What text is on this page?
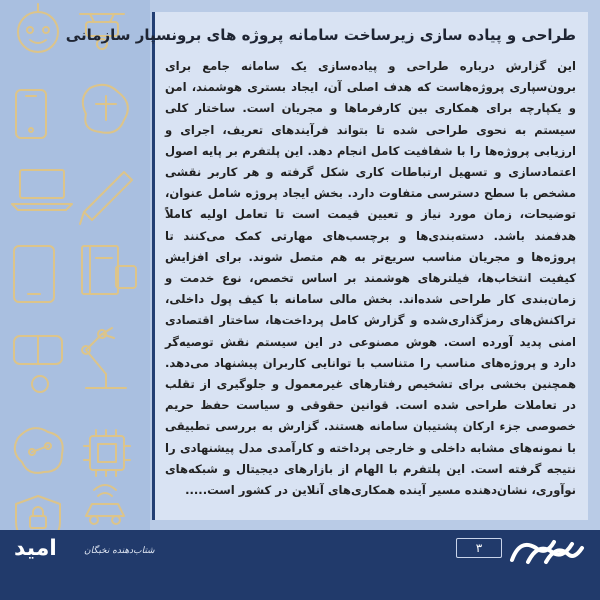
طراحی و پیاده سازی زیرساخت سامانه پروژه های برونسپار سازمانی

این گزارش درباره طراحی و پیاده‌سازی یک سامانه جامع برای برون‌سپاری پروژه‌هاست که هدف اصلی آن، ایجاد بستری هوشمند، امن و یکپارچه برای همکاری بین کارفرماها و مجریان است. ساختار کلی سیستم به نحوی طراحی شده تا بتواند فرآیندهای تعریف، اجرای و ارزیابی پروژه‌ها را با شفافیت کامل انجام دهد. این پلتفرم بر پایه اصول اعتمادسازی و تسهیل ارتباطات کاری شکل گرفته و هر کاربر نقشی مشخص با سطح دسترسی متفاوت دارد. بخش ایجاد پروژه شامل عنوان، توضیحات، زمان مورد نیاز و تعیین قیمت است تا تعامل اولیه کاملاً هدفمند باشد. دسته‌بندی‌ها و برچسب‌های مهارتی کمک می‌کنند تا پروژه‌ها و مجریان مناسب سریع‌تر به هم متصل شوند. برای افزایش کیفیت انتخاب‌ها، فیلترهای هوشمند بر اساس تخصص، نوع خدمت و زمان‌بندی کار طراحی شده‌اند. بخش مالی سامانه با کیف پول داخلی، تراکنش‌های رمزگذاری‌شده و گزارش کامل پرداخت‌ها، ساختار اقتصادی امنی پدید آورده است. هوش مصنوعی در این سیستم نقش توصیه‌گر دارد و پروژه‌های مناسب را متناسب با توانایی کاربران پیشنهاد می‌دهد. همچنین بخشی برای تشخیص رفتارهای غیرمعمول و جلوگیری از تقلب در تعاملات طراحی شده است. قوانین حقوقی و سیاست حفظ حریم خصوصی جزء ارکان پشتیبان سامانه هستند. گزارش به بررسی تطبیقی با نمونه‌های مشابه داخلی و خارجی پرداخته و کارآمدی مدل پیشنهادی را نتیجه گرفته است. این پلتفرم با الهام از بازارهای دیجیتال و شبکه‌های نوآوری، نشان‌دهنده مسیر آینده همکاری‌های آنلاین در کشور است.....

امید	شتاب‌دهنده نخبگان	۳
